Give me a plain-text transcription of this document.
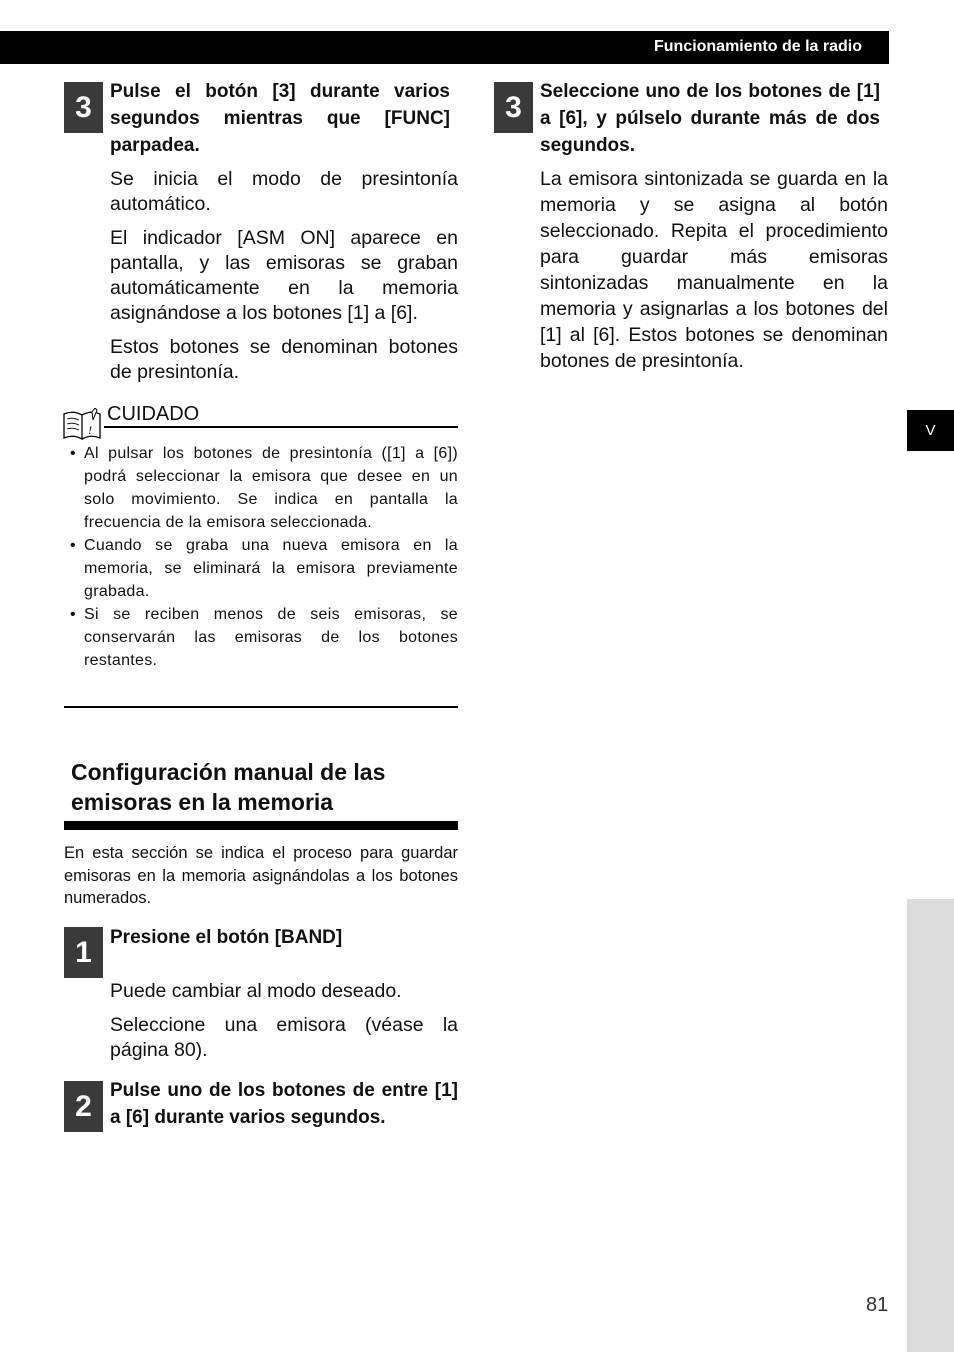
Funcionamiento de la radio
V
3 Pulse el botón [3] durante varios segundos mientras que [FUNC] parpadea.
Se inicia el modo de presintonía automático.
El indicador [ASM ON] aparece en pantalla, y las emisoras se graban automáticamente en la memoria asignándose a los botones [1] a [6].
Estos botones se denominan botones de presintonía.
!
CUIDADO
• Al pulsar los botones de presintonía ([1] a [6]) podrá seleccionar la emisora que desee en un solo movimiento. Se indica en pantalla la frecuencia de la emisora seleccionada.
• Cuando se graba una nueva emisora en la memoria, se eliminará la emisora previamente grabada.
• Si se reciben menos de seis emisoras, se conservarán las emisoras de los botones restantes.
Configuración manual de las emisoras en la memoria
En esta sección se indica el proceso para guardar emisoras en la memoria asignándolas a los botones numerados.
1 Presione el botón [BAND]
Puede cambiar al modo deseado.
Seleccione una emisora (véase la página 80).
2 Pulse uno de los botones de entre [1] a [6] durante varios segundos.
3 Seleccione uno de los botones de [1] a [6], y púlselo durante más de dos segundos.
La emisora sintonizada se guarda en la memoria y se asigna al botón seleccionado. Repita el procedimiento para guardar más emisoras sintonizadas manualmente en la memoria y asignarlas a los botones del [1] al [6]. Estos botones se denominan botones de presintonía.
81
